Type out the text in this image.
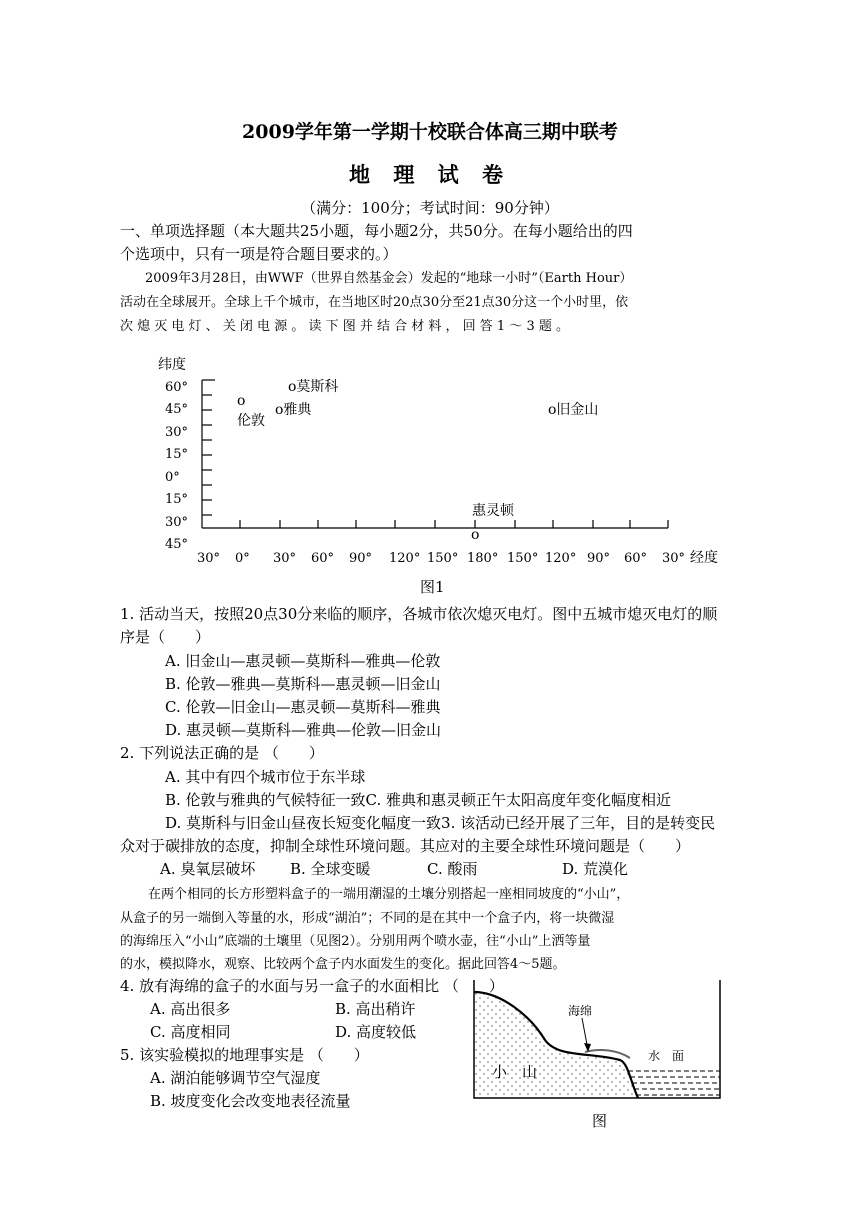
2009学年第一学期十校联合体高三期中联考
地 理 试 卷
（满分：100分；考试时间：90分钟）
一、单项选择题（本大题共25小题，每小题2分，共50分。在每小题给出的四
个选项中，只有一项是符合题目要求的。）
2009年3月28日，由WWF（世界自然基金会）发起的“地球一小时”（Earth Hour）
活动在全球展开。全球上千个城市，在当地区时20点30分至21点30分这一个小时里，依
次 熄 灭 电 灯 、 关 闭 电 源 。 读 下 图 并 结 合 材 料 ， 回 答 1 ～ 3 题 。
纬度
60°
45°
30°
15°
0°
15°
30°
45°
30° 0° 30° 60° 90° 120° 150° 180° 150° 120° 90° 60° 30° 经度
o莫斯科
o
伦敦
o雅典	o旧金山
惠灵顿
o
图1
1. 活动当天，按照20点30分来临的顺序，各城市依次熄灭电灯。图中五城市熄灭电灯的顺
序是（　　）
A. 旧金山—惠灵顿—莫斯科—雅典—伦敦
B. 伦敦—雅典—莫斯科—惠灵顿—旧金山
C. 伦敦—旧金山—惠灵顿—莫斯科—雅典
D. 惠灵顿—莫斯科—雅典—伦敦—旧金山
2. 下列说法正确的是 （　　）
A. 其中有四个城市位于东半球
B. 伦敦与雅典的气候特征一致C. 雅典和惠灵顿正午太阳高度年变化幅度相近
D. 莫斯科与旧金山昼夜长短变化幅度一致3. 该活动已经开展了三年，目的是转变民
众对于碳排放的态度，抑制全球性环境问题。其应对的主要全球性环境问题是（　　）
A. 臭氧层破坏 B. 全球变暖	C. 酸雨	D. 荒漠化
在两个相同的长方形塑料盒子的一端用潮湿的土壤分别搭起一座相同坡度的“小山”，
从盒子的另一端倒入等量的水，形成“湖泊”；不同的是在其中一个盒子内，将一块微湿
的海绵压入“小山”底端的土壤里（见图2）。分别用两个喷水壶，往“小山”上洒等量
的水，模拟降水，观察、比较两个盒子内水面发生的变化。据此回答4～5题。
4. 放有海绵的盒子的水面与另一盒子的水面相比 （　　）
A. 高出很多	B. 高出稍许
C. 高度相同	D. 高度较低
5. 该实验模拟的地理事实是 （　　）
A. 湖泊能够调节空气湿度
B. 坡度变化会改变地表径流量
海绵
水　面
小　山
图
